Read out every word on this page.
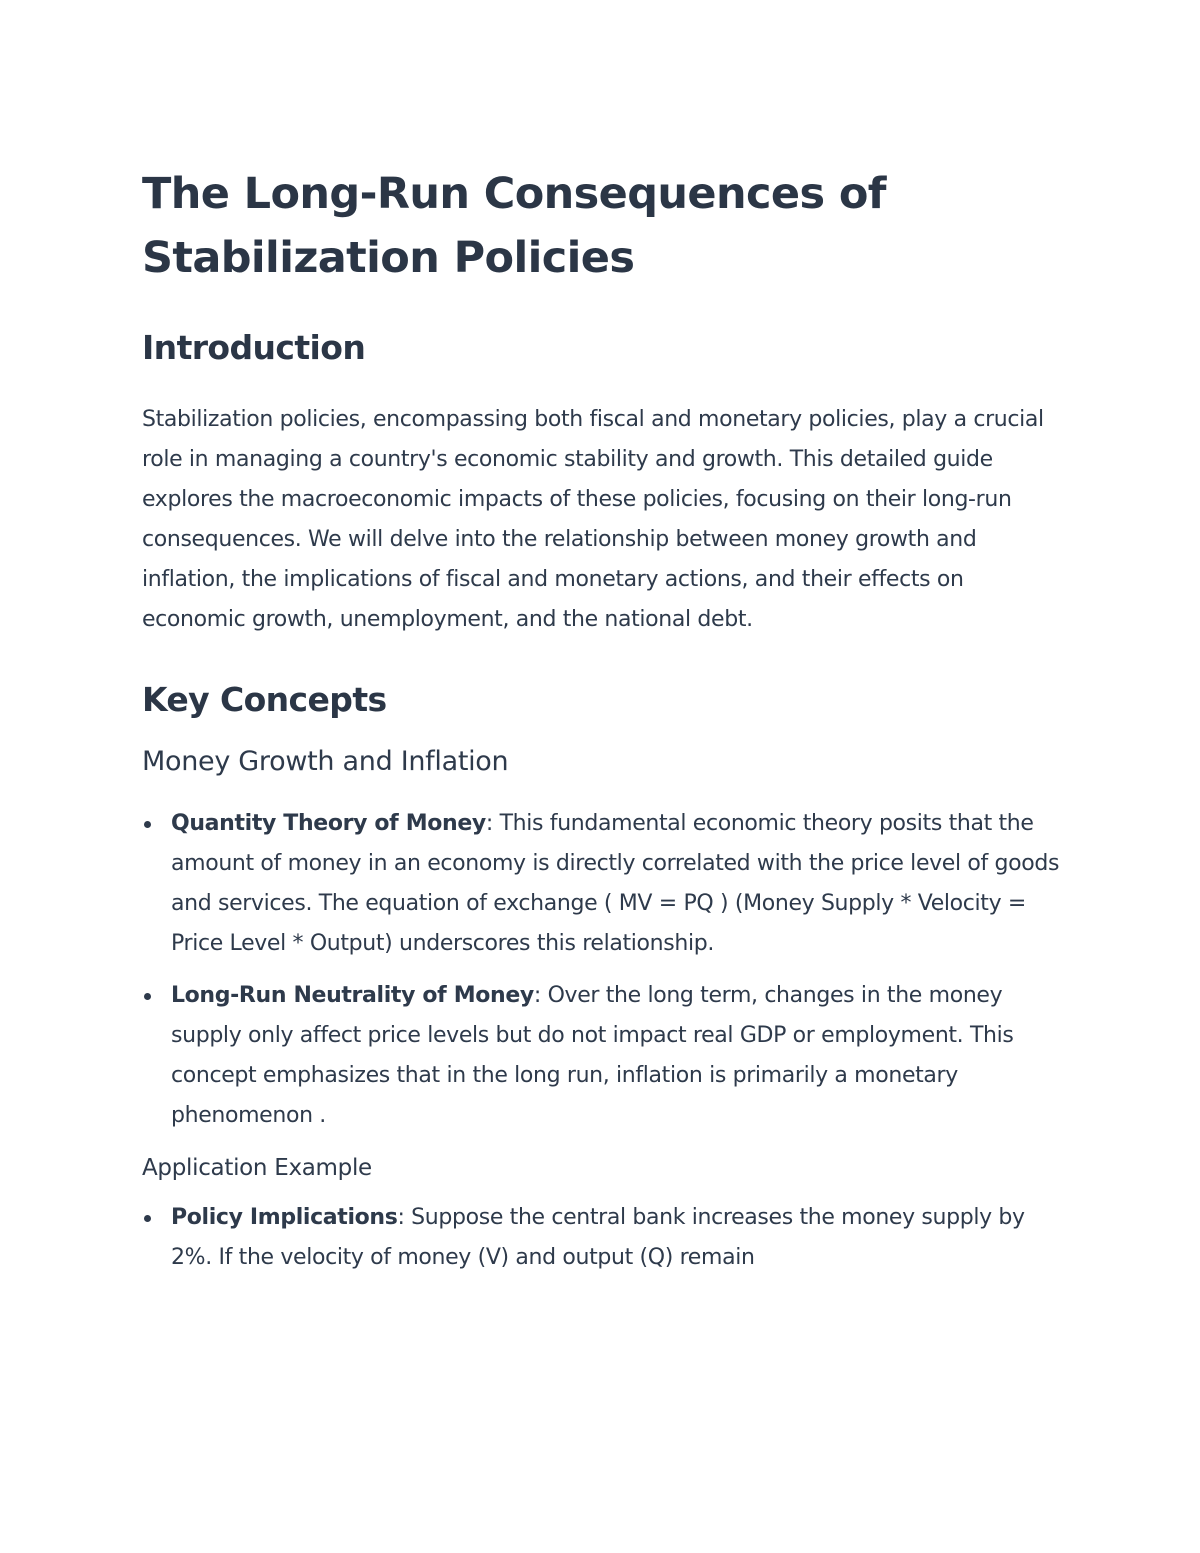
The Long-Run Consequences of Stabilization Policies
Introduction

Stabilization policies, encompassing both fiscal and monetary policies, play a crucial role in managing a country's economic stability and growth. This detailed guide explores the macroeconomic impacts of these policies, focusing on their long-run consequences. We will delve into the relationship between money growth and inflation, the implications of fiscal and monetary actions, and their effects on economic growth, unemployment, and the national debt.

Key Concepts
Money Growth and Inflation
Quantity Theory of Money: This fundamental economic theory posits that the amount of money in an economy is directly correlated with the price level of goods and services. The equation of exchange ( MV = PQ ) (Money Supply * Velocity = Price Level * Output) underscores this relationship.
Long-Run Neutrality of Money: Over the long term, changes in the money supply only affect price levels but do not impact real GDP or employment. This concept emphasizes that in the long run, inflation is primarily a monetary phenomenon .
Application Example
Policy Implications: Suppose the central bank increases the money supply by 2%. If the velocity of money (V) and output (Q) remain
